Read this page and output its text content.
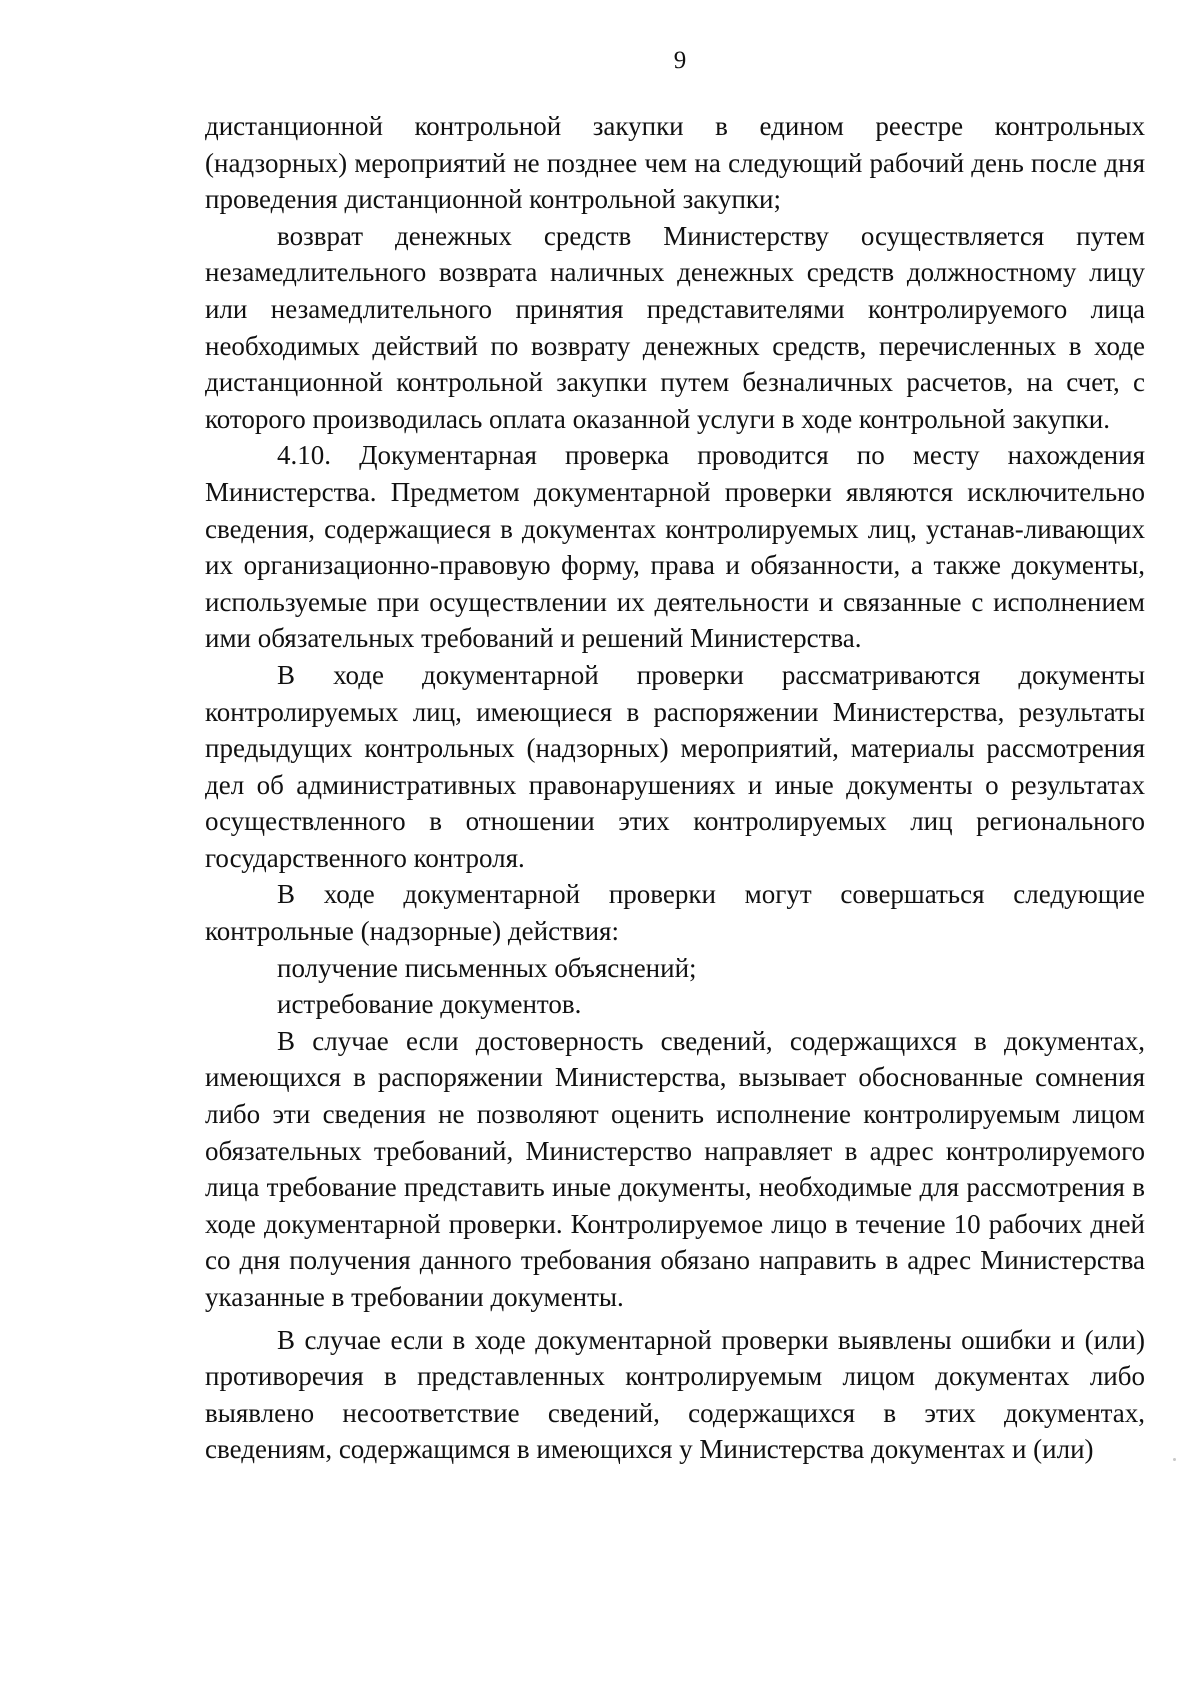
9

дистанционной контрольной закупки в едином реестре контрольных (надзорных) мероприятий не позднее чем на следующий рабочий день после дня проведения дистанционной контрольной закупки;

возврат денежных средств Министерству осуществляется путем незамедлительного возврата наличных денежных средств должностному лицу или незамедлительного принятия представителями контролируемого лица необходимых действий по возврату денежных средств, перечисленных в ходе дистанционной контрольной закупки путем безналичных расчетов, на счет, с которого производилась оплата оказанной услуги в ходе контрольной закупки.

4.10. Документарная проверка проводится по месту нахождения Министерства. Предметом документарной проверки являются исключительно сведения, содержащиеся в документах контролируемых лиц, устанав-ливающих их организационно-правовую форму, права и обязанности, а также документы, используемые при осуществлении их деятельности и связанные с исполнением ими обязательных требований и решений Министерства.

В ходе документарной проверки рассматриваются документы контролируемых лиц, имеющиеся в распоряжении Министерства, результаты предыдущих контрольных (надзорных) мероприятий, материалы рассмотрения дел об административных правонарушениях и иные документы о результатах осуществленного в отношении этих контролируемых лиц регионального государственного контроля.

В ходе документарной проверки могут совершаться следующие контрольные (надзорные) действия:

получение письменных объяснений;

истребование документов.

В случае если достоверность сведений, содержащихся в документах, имеющихся в распоряжении Министерства, вызывает обоснованные сомнения либо эти сведения не позволяют оценить исполнение контролируемым лицом обязательных требований, Министерство направляет в адрес контролируемого лица требование представить иные документы, необходимые для рассмотрения в ходе документарной проверки. Контролируемое лицо в течение 10 рабочих дней со дня получения данного требования обязано направить в адрес Министерства указанные в требовании документы.

В случае если в ходе документарной проверки выявлены ошибки и (или) противоречия в представленных контролируемым лицом документах либо выявлено несоответствие сведений, содержащихся в этих документах, сведениям, содержащимся в имеющихся у Министерства документах и (или)
